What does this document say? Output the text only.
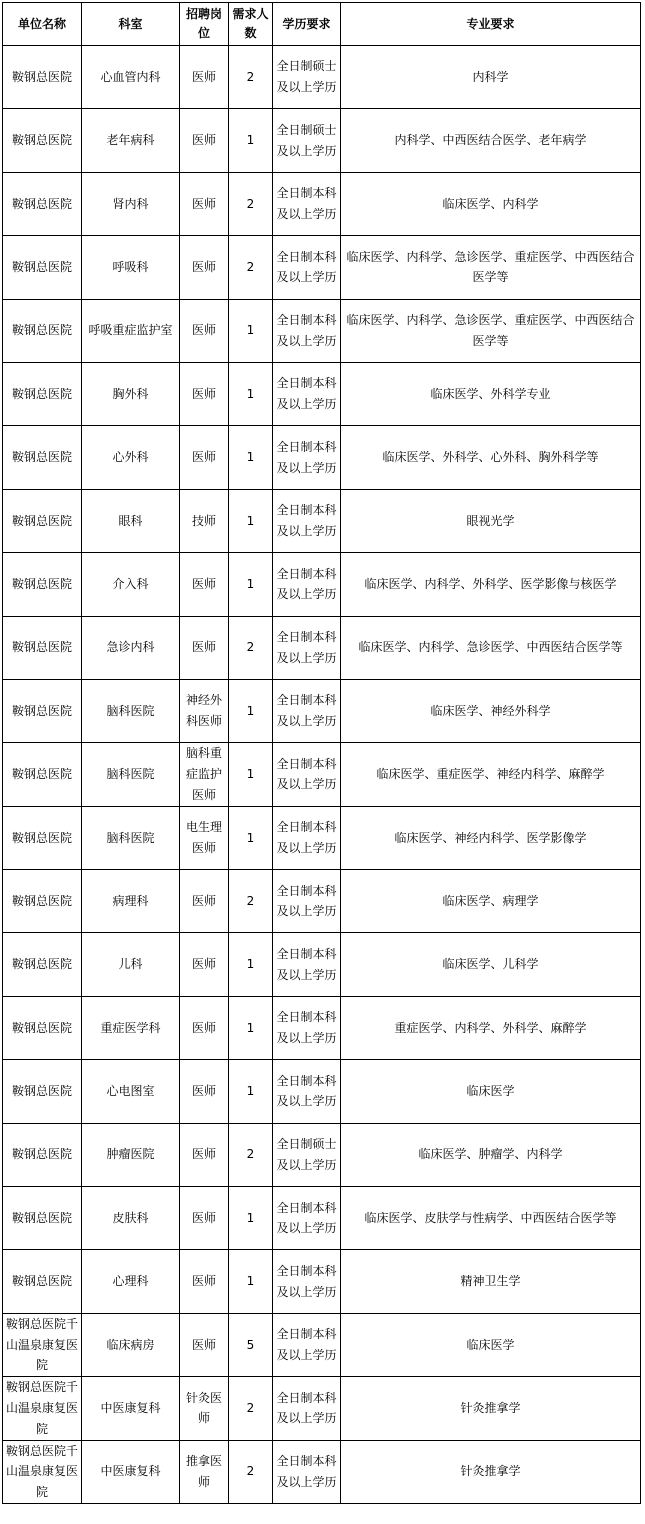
单位名称	科室	招聘岗位	需求人数	学历要求	专业要求
鞍钢总医院	心血管内科	医师	2	全日制硕士及以上学历	内科学
鞍钢总医院	老年病科	医师	1	全日制硕士及以上学历	内科学、中西医结合医学、老年病学
鞍钢总医院	肾内科	医师	2	全日制本科及以上学历	临床医学、内科学
鞍钢总医院	呼吸科	医师	2	全日制本科及以上学历	临床医学、内科学、急诊医学、重症医学、中西医结合医学等
鞍钢总医院	呼吸重症监护室	医师	1	全日制本科及以上学历	临床医学、内科学、急诊医学、重症医学、中西医结合医学等
鞍钢总医院	胸外科	医师	1	全日制本科及以上学历	临床医学、外科学专业
鞍钢总医院	心外科	医师	1	全日制本科及以上学历	临床医学、外科学、心外科、胸外科学等
鞍钢总医院	眼科	技师	1	全日制本科及以上学历	眼视光学
鞍钢总医院	介入科	医师	1	全日制本科及以上学历	临床医学、内科学、外科学、医学影像与核医学
鞍钢总医院	急诊内科	医师	2	全日制本科及以上学历	临床医学、内科学、急诊医学、中西医结合医学等
鞍钢总医院	脑科医院	神经外科医师	1	全日制本科及以上学历	临床医学、神经外科学
鞍钢总医院	脑科医院	脑科重症监护医师	1	全日制本科及以上学历	临床医学、重症医学、神经内科学、麻醉学
鞍钢总医院	脑科医院	电生理医师	1	全日制本科及以上学历	临床医学、神经内科学、医学影像学
鞍钢总医院	病理科	医师	2	全日制本科及以上学历	临床医学、病理学
鞍钢总医院	儿科	医师	1	全日制本科及以上学历	临床医学、儿科学
鞍钢总医院	重症医学科	医师	1	全日制本科及以上学历	重症医学、内科学、外科学、麻醉学
鞍钢总医院	心电图室	医师	1	全日制本科及以上学历	临床医学
鞍钢总医院	肿瘤医院	医师	2	全日制硕士及以上学历	临床医学、肿瘤学、内科学
鞍钢总医院	皮肤科	医师	1	全日制本科及以上学历	临床医学、皮肤学与性病学、中西医结合医学等
鞍钢总医院	心理科	医师	1	全日制本科及以上学历	精神卫生学
鞍钢总医院千山温泉康复医院	临床病房	医师	5	全日制本科及以上学历	临床医学
鞍钢总医院千山温泉康复医院	中医康复科	针灸医师	2	全日制本科及以上学历	针灸推拿学
鞍钢总医院千山温泉康复医院	中医康复科	推拿医师	2	全日制本科及以上学历	针灸推拿学
